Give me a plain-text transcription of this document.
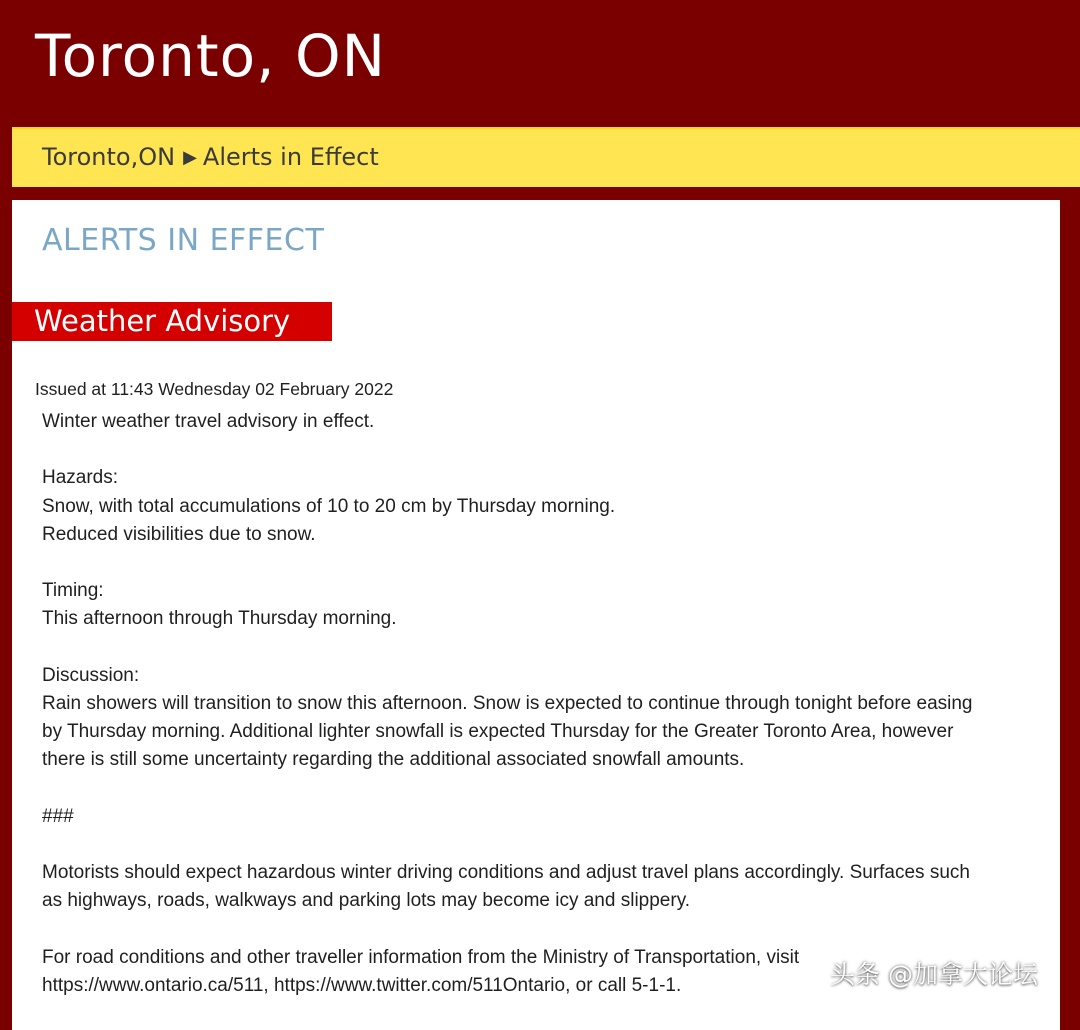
Toronto, ON
Toronto,ON ▶ Alerts in Effect
ALERTS IN EFFECT
Weather Advisory
Issued at 11:43 Wednesday 02 February 2022
Winter weather travel advisory in effect.
Hazards:
Snow, with total accumulations of 10 to 20 cm by Thursday morning.
Reduced visibilities due to snow.
Timing:
This afternoon through Thursday morning.
Discussion:
Rain showers will transition to snow this afternoon. Snow is expected to continue through tonight before easing
by Thursday morning. Additional lighter snowfall is expected Thursday for the Greater Toronto Area, however
there is still some uncertainty regarding the additional associated snowfall amounts.
###
Motorists should expect hazardous winter driving conditions and adjust travel plans accordingly. Surfaces such
as highways, roads, walkways and parking lots may become icy and slippery.
For road conditions and other traveller information from the Ministry of Transportation, visit
https://www.ontario.ca/511, https://www.twitter.com/511Ontario, or call 5-1-1.	头条 @加拿大论坛
